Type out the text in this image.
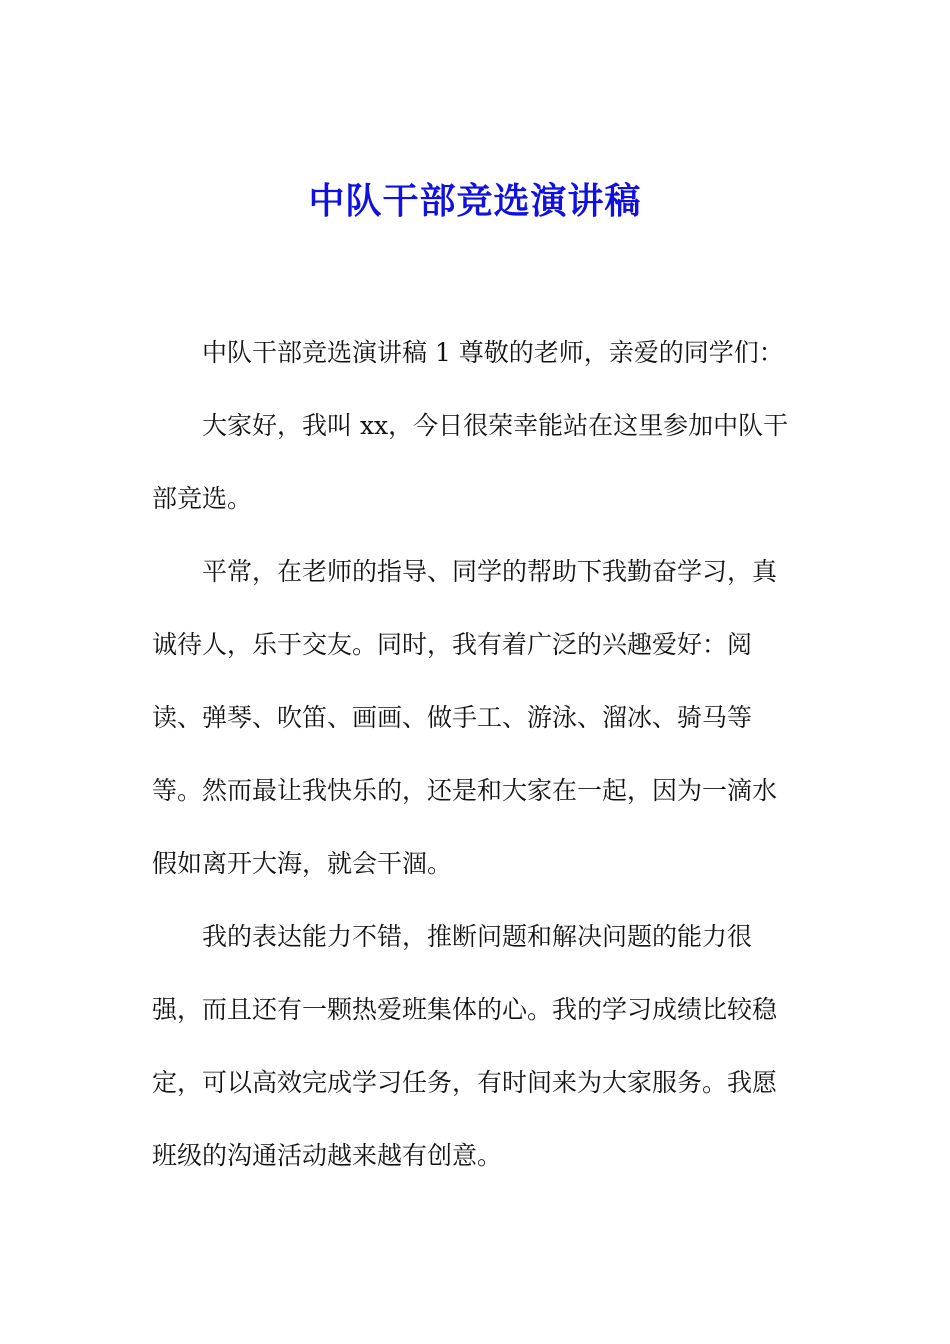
中队干部竞选演讲稿
中队干部竞选演讲稿 1 尊敬的老师，亲爱的同学们：
大家好，我叫 xx，今日很荣幸能站在这里参加中队干
部竞选。
平常，在老师的指导、同学的帮助下我勤奋学习，真
诚待人，乐于交友。同时，我有着广泛的兴趣爱好：阅
读、弹琴、吹笛、画画、做手工、游泳、溜冰、骑马等
等。然而最让我快乐的，还是和大家在一起，因为一滴水
假如离开大海，就会干涸。
我的表达能力不错，推断问题和解决问题的能力很
强，而且还有一颗热爱班集体的心。我的学习成绩比较稳
定，可以高效完成学习任务，有时间来为大家服务。我愿
班级的沟通活动越来越有创意。
